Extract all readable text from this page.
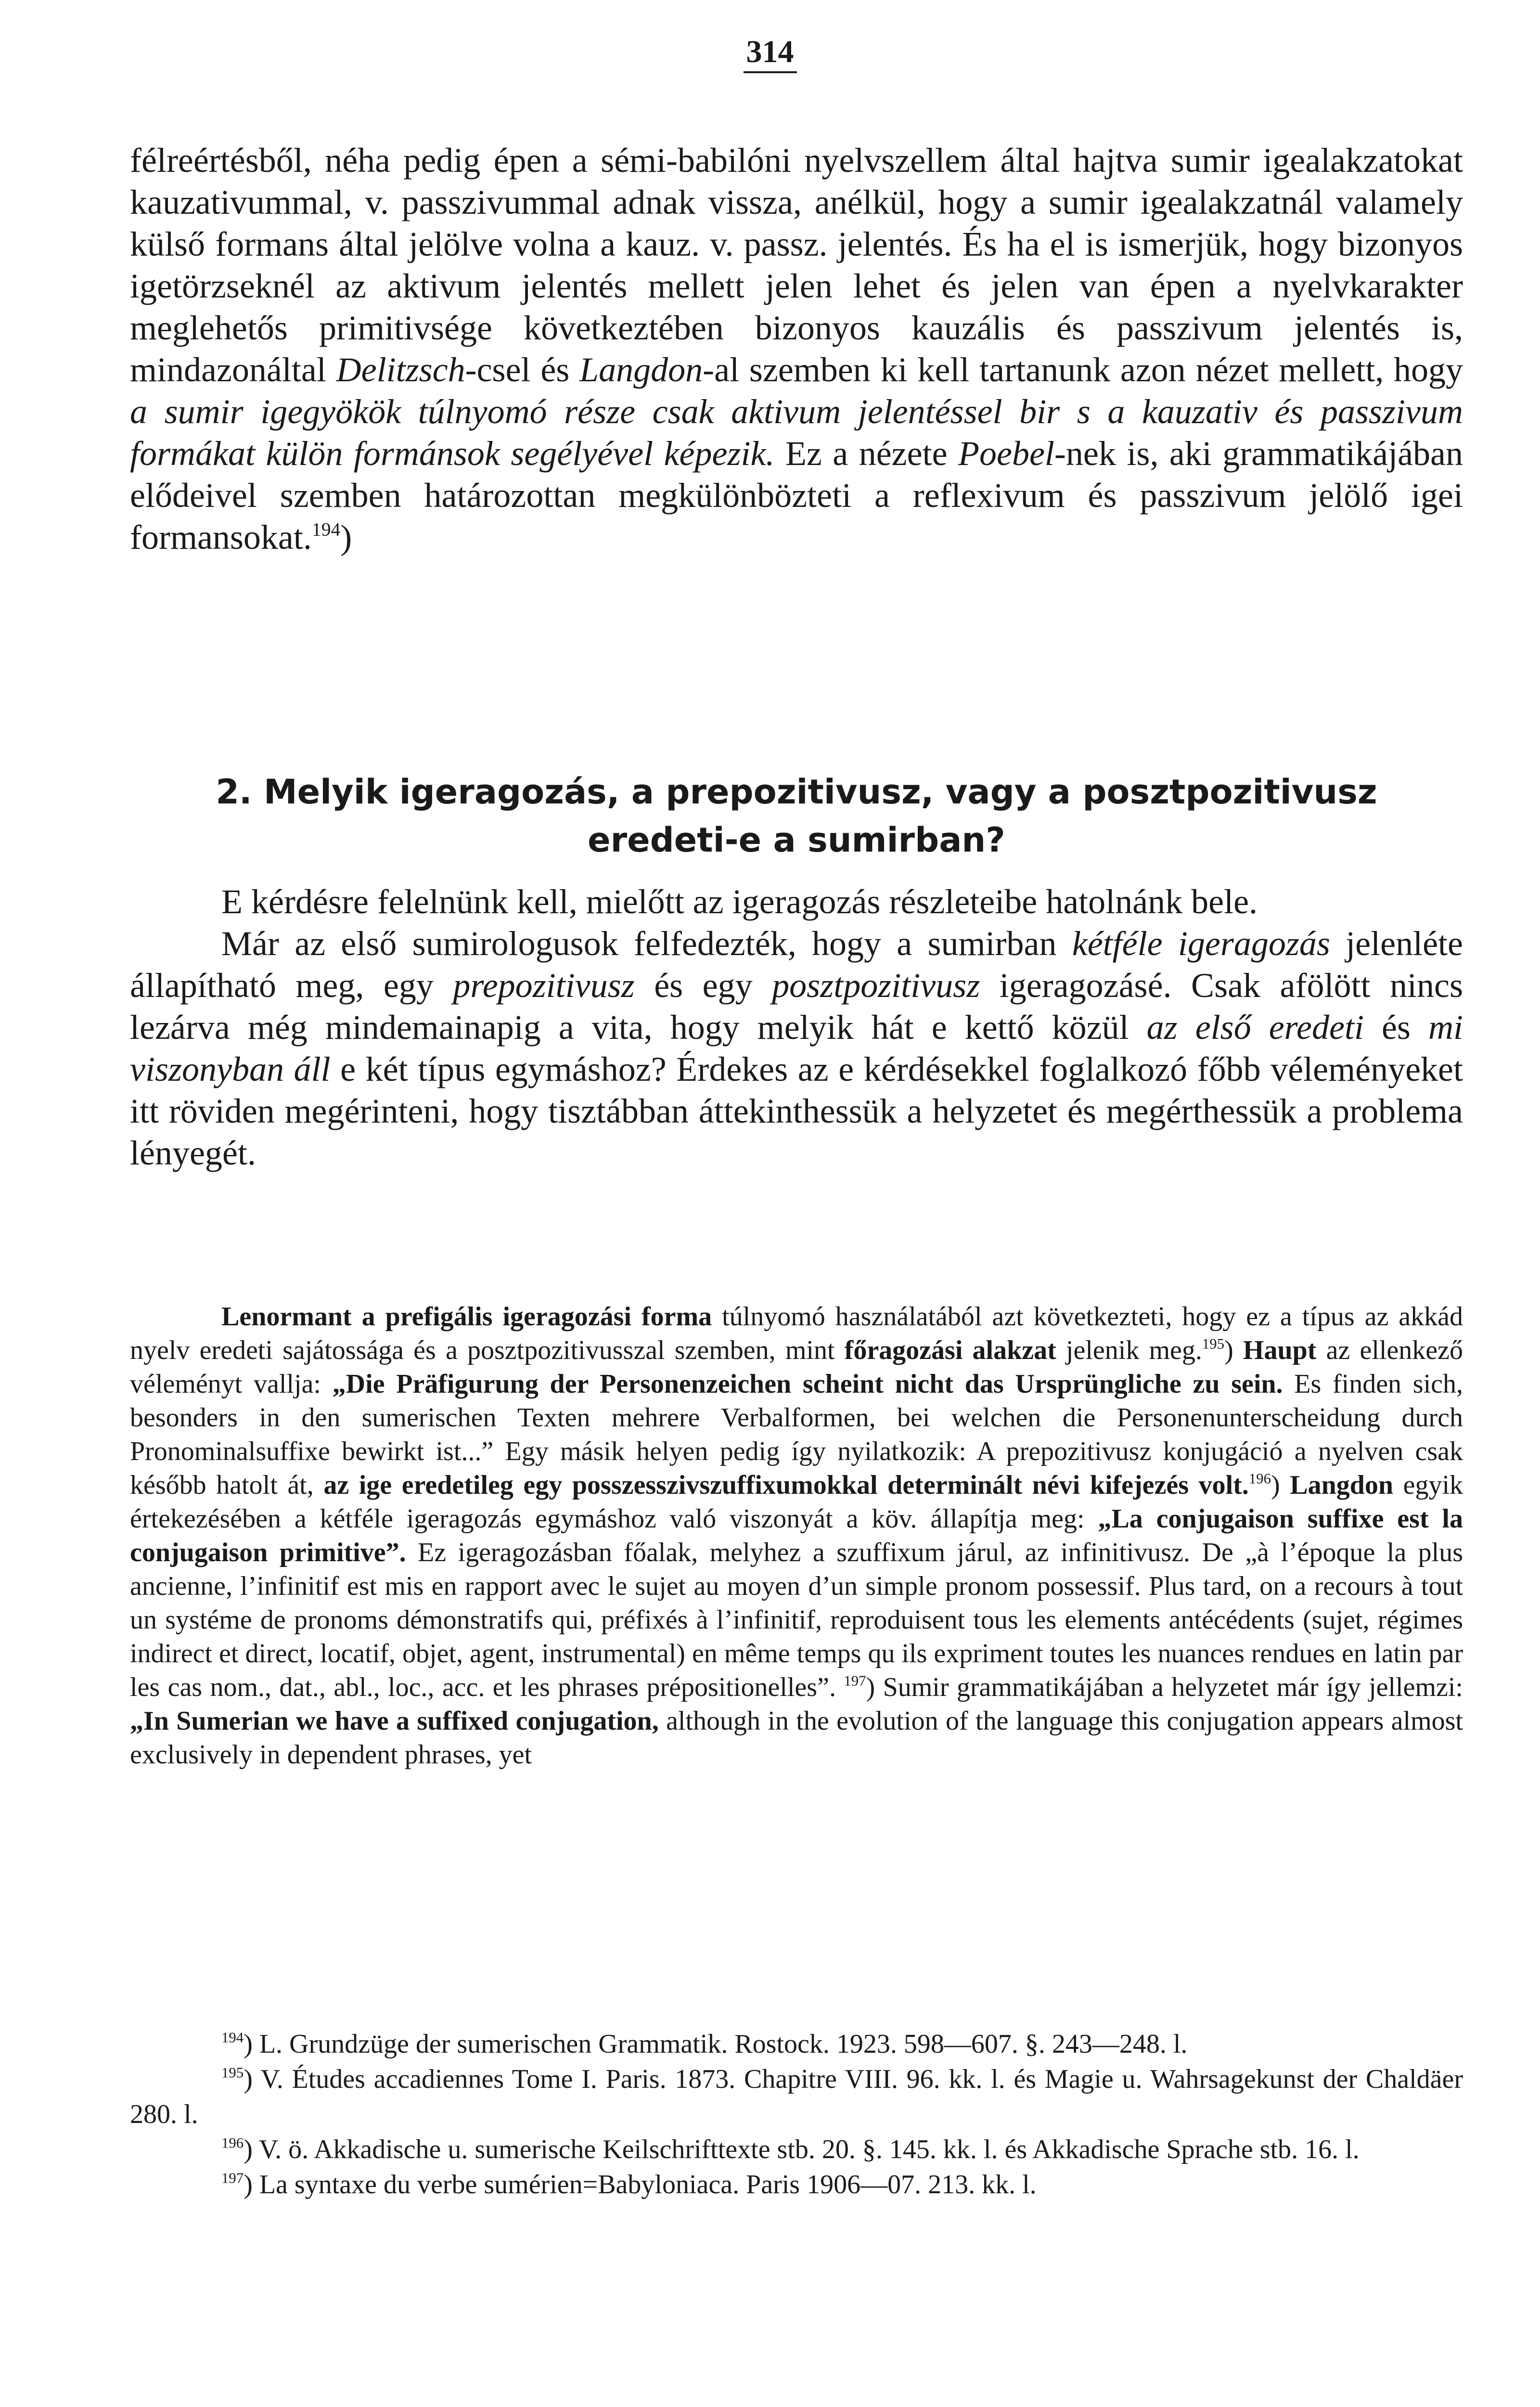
314

félreértésből, néha pedig épen a sémi-babilóni nyelvszellem által hajtva sumir igealakzatokat kauzativummal, v. passzivummal adnak vissza, anélkül, hogy a sumir igealakzatnál valamely külső formans által jelölve volna a kauz. v. passz. jelentés. És ha el is ismerjük, hogy bizonyos igetörzseknél az aktivum jelentés mellett jelen lehet és jelen van épen a nyelvkarakter meglehetős primitivsége következtében bizonyos kauzális és passzivum jelentés is, mindazonáltal Delitzsch-csel és Langdon-al szemben ki kell tartanunk azon nézet mellett, hogy a sumir igegyökök túlnyomó része csak aktivum jelentéssel bir s a kauzativ és passzivum formákat külön formánsok segélyével képezik. Ez a nézete Poebel-nek is, aki grammatikájában elődeivel szemben határozottan megkülönbözteti a reflexivum és passzivum jelölő igei formansokat.$^{194}$)

2. Melyik igeragozás, a prepozitivusz, vagy a posztpozitivusz
eredeti-e a sumirban?

E kérdésre felelnünk kell, mielőtt az igeragozás részleteibe hatolnánk bele.

Már az első sumirologusok felfedezték, hogy a sumirban kétféle igeragozás jelenléte állapítható meg, egy prepozitivusz és egy posztpozitivusz igeragozásé. Csak afölött nincs lezárva még mindemainapig a vita, hogy melyik hát e kettő közül az első eredeti és mi viszonyban áll e két típus egymáshoz? Érdekes az e kérdésekkel foglalkozó főbb véleményeket itt röviden megérinteni, hogy tisztábban áttekinthessük a helyzetet és megérthessük a problema lényegét.

Lenormant a prefigális igeragozási forma túlnyomó használatából azt következteti, hogy ez a típus az akkád nyelv eredeti sajátossága és a posztpozitivusszal szemben, mint főragozási alakzat jelenik meg.$^{195}$) Haupt az ellenkező véleményt vallja: „Die Präfigurung der Personenzeichen scheint nicht das Ursprüngliche zu sein. Es finden sich, besonders in den sumerischen Texten mehrere Verbalformen, bei welchen die Personenunterscheidung durch Pronominalsuffixe bewirkt ist...” Egy másik helyen pedig így nyilatkozik: A prepozitivusz konjugáció a nyelven csak később hatolt át, az ige eredetileg egy posszesszivszuffixumokkal determinált névi kifejezés volt.$^{196}$) Langdon egyik értekezésében a kétféle igeragozás egymáshoz való viszonyát a köv. állapítja meg: „La conjugaison suffixe est la conjugaison primitive”. Ez igeragozásban főalak, melyhez a szuffixum járul, az infinitivusz. De „à l’époque la plus ancienne, l’infinitif est mis en rapport avec le sujet au moyen d’un simple pronom possessif. Plus tard, on a recours à tout un systéme de pronoms démonstratifs qui, préfixés à l’infinitif, reproduisent tous les elements antécédents (sujet, régimes indirect et direct, locatif, objet, agent, instrumental) en même temps qu ils expriment toutes les nuances rendues en latin par les cas nom., dat., abl., loc., acc. et les phrases prépositionelles”. $^{197}$) Sumir grammatikájában a helyzetet már így jellemzi: „In Sumerian we have a suffixed conjugation, although in the evolution of the language this conjugation appears almost exclusively in dependent phrases, yet

$^{194}$) L. Grundzüge der sumerischen Grammatik. Rostock. 1923. 598—607. §. 243—248. l.

$^{195}$) V. Études accadiennes Tome I. Paris. 1873. Chapitre VIII. 96. kk. l. és Magie u. Wahrsagekunst der Chaldäer 280. l.

$^{196}$) V. ö. Akkadische u. sumerische Keilschrifttexte stb. 20. §. 145. kk. l. és Akkadische Sprache stb. 16. l.

$^{197}$) La syntaxe du verbe sumérien=Babyloniaca. Paris 1906—07. 213. kk. l.
